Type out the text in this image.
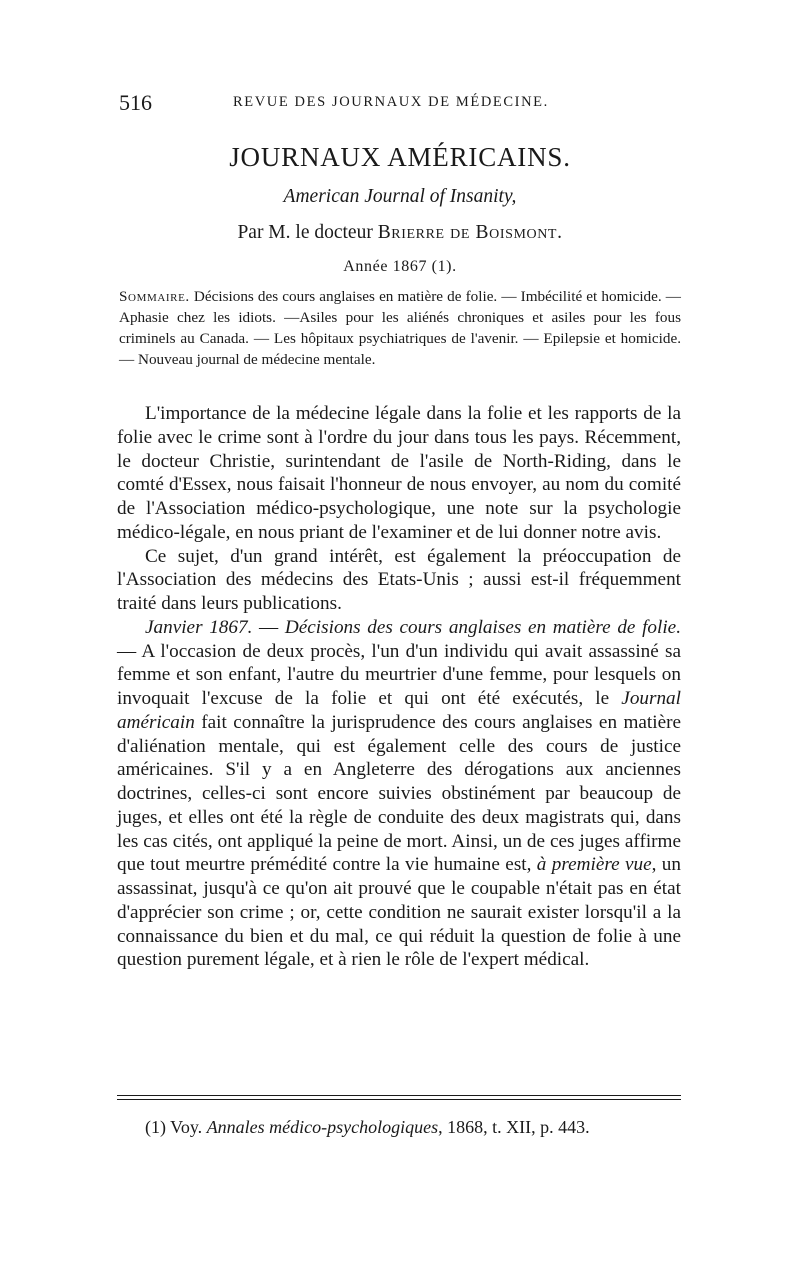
516	REVUE DES JOURNAUX DE MÉDECINE.
JOURNAUX AMÉRICAINS.
American Journal of Insanity,
Par M. le docteur Brierre de Boismont.
Année 1867 (1).
Sommaire. Décisions des cours anglaises en matière de folie. — Imbécilité et homicide. — Aphasie chez les idiots. —Asiles pour les aliénés chroniques et asiles pour les fous criminels au Canada. — Les hôpitaux psychiatriques de l'avenir. — Epilepsie et homicide. — Nouveau journal de médecine mentale.

L'importance de la médecine légale dans la folie et les rapports de la folie avec le crime sont à l'ordre du jour dans tous les pays. Récemment, le docteur Christie, surintendant de l'asile de North-Riding, dans le comté d'Essex, nous faisait l'honneur de nous envoyer, au nom du comité de l'Association médico-psychologique, une note sur la psychologie médico-légale, en nous priant de l'examiner et de lui donner notre avis.

Ce sujet, d'un grand intérêt, est également la préoccupation de l'Association des médecins des Etats-Unis ; aussi est-il fréquemment traité dans leurs publications.

Janvier 1867. — Décisions des cours anglaises en matière de folie. — A l'occasion de deux procès, l'un d'un individu qui avait assassiné sa femme et son enfant, l'autre du meurtrier d'une femme, pour lesquels on invoquait l'excuse de la folie et qui ont été exécutés, le Journal américain fait connaître la jurisprudence des cours anglaises en matière d'aliénation mentale, qui est également celle des cours de justice américaines. S'il y a en Angleterre des dérogations aux anciennes doctrines, celles-ci sont encore suivies obstinément par beaucoup de juges, et elles ont été la règle de conduite des deux magistrats qui, dans les cas cités, ont appliqué la peine de mort. Ainsi, un de ces juges affirme que tout meurtre prémédité contre la vie humaine est, à première vue, un assassinat, jusqu'à ce qu'on ait prouvé que le coupable n'était pas en état d'apprécier son crime ; or, cette condition ne saurait exister lorsqu'il a la connaissance du bien et du mal, ce qui réduit la question de folie à une question purement légale, et à rien le rôle de l'expert médical.

(1) Voy. Annales médico-psychologiques, 1868, t. XII, p. 443.
